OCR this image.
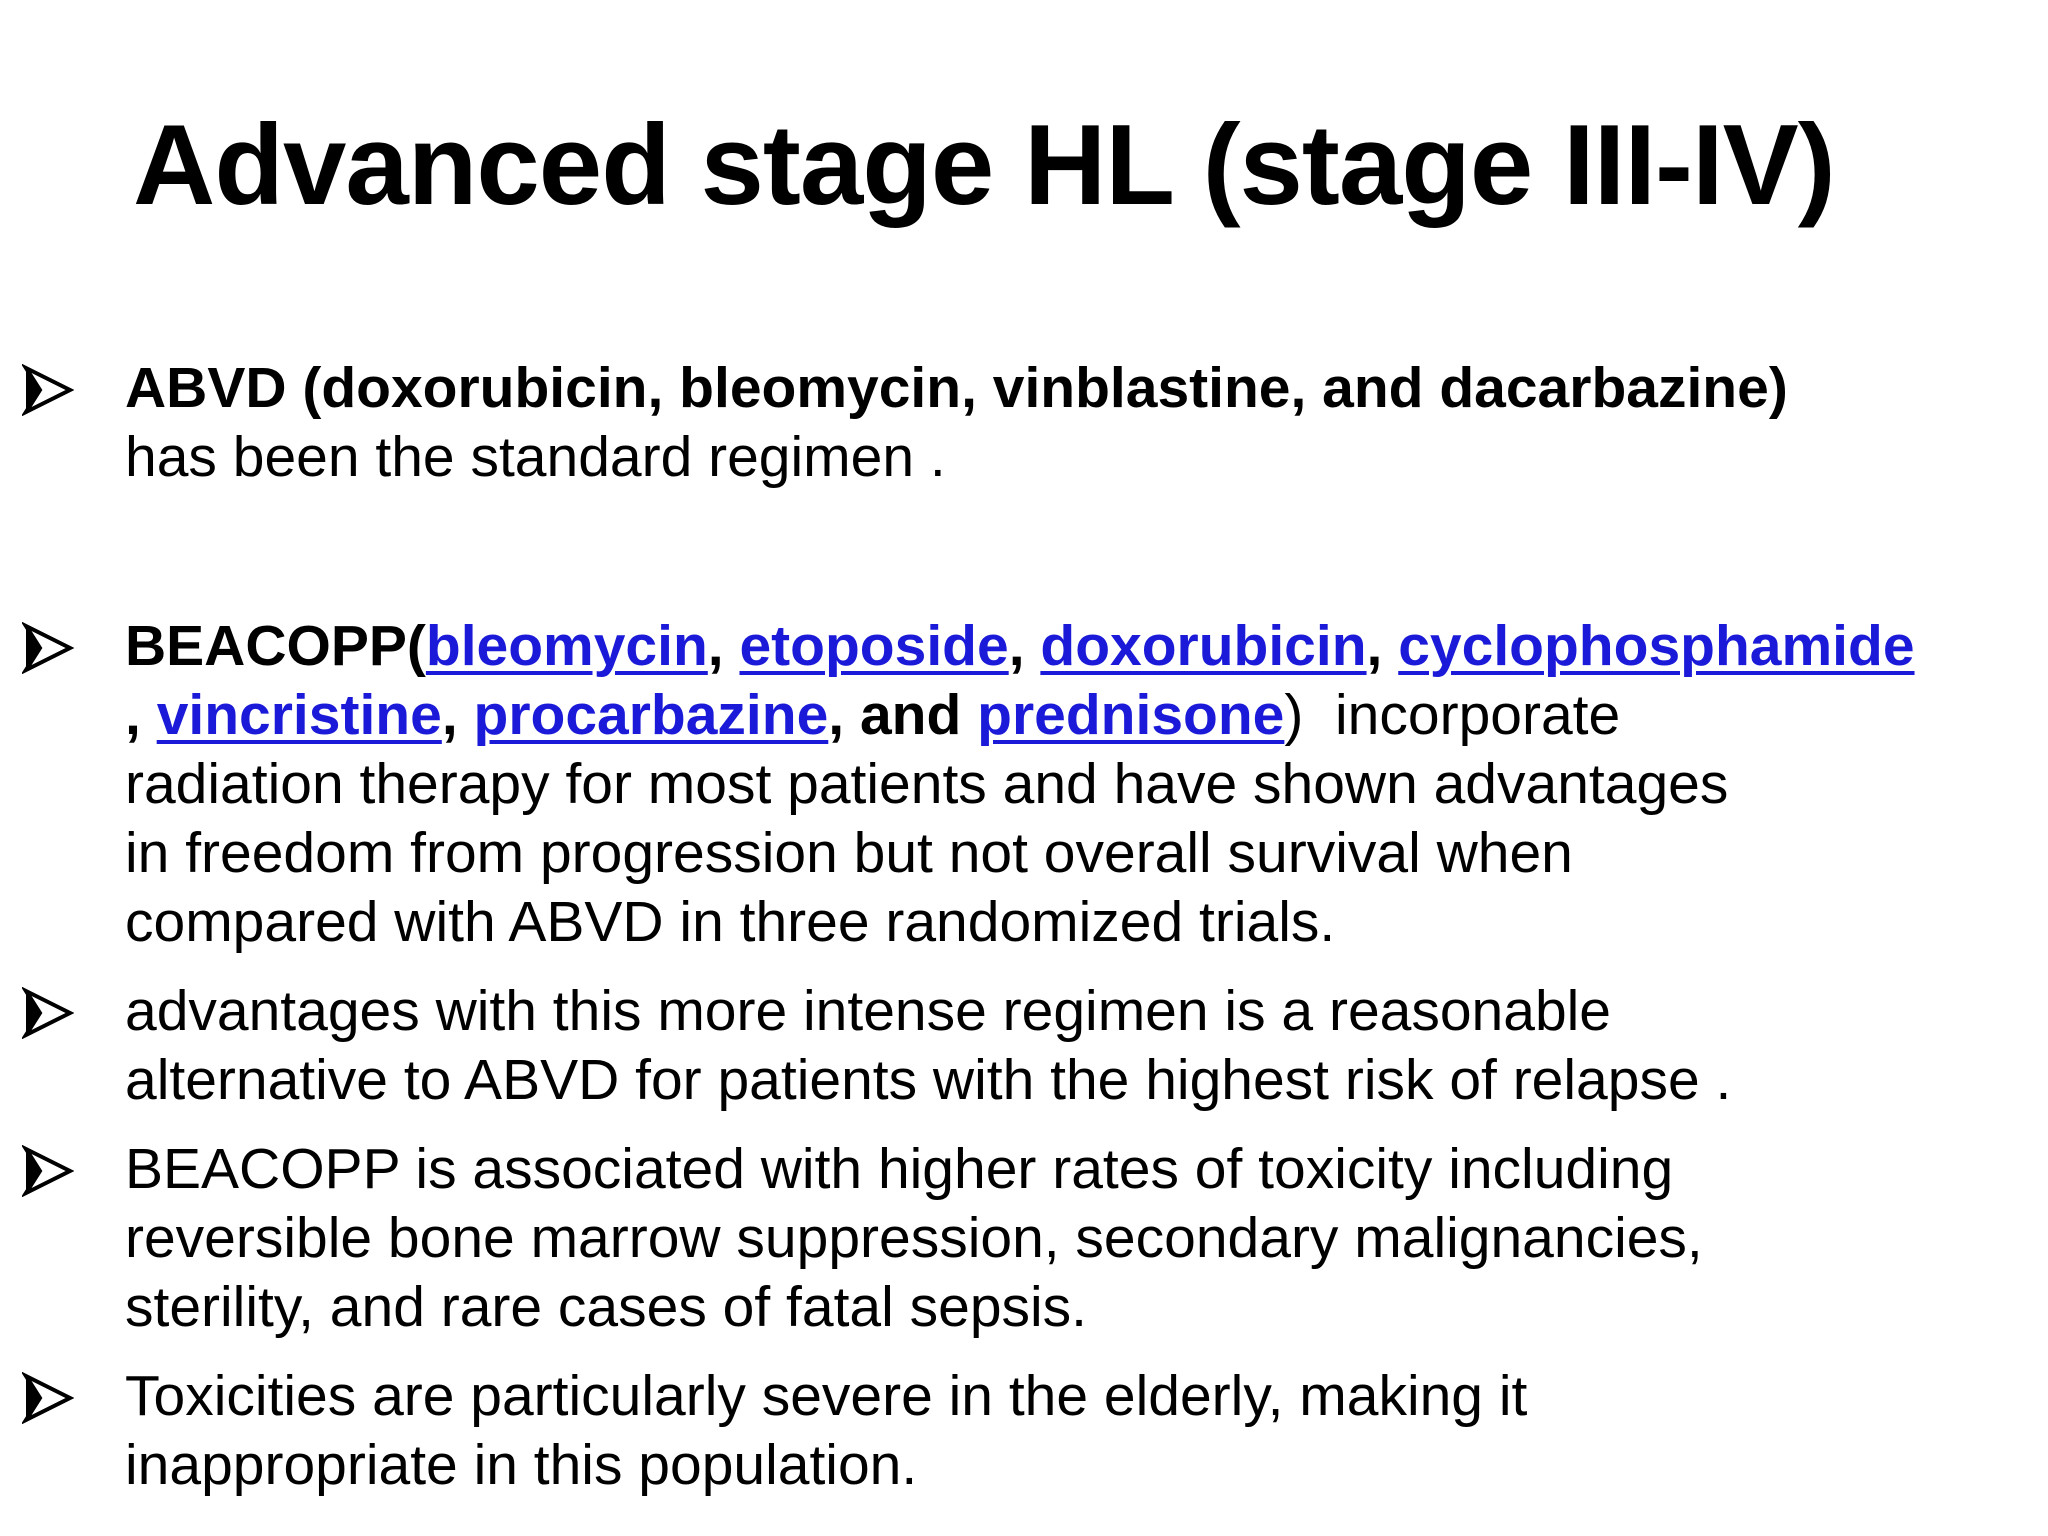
Advanced stage HL (stage III-IV)
ABVD (doxorubicin, bleomycin, vinblastine, and dacarbazine)
has been the standard regimen .
BEACOPP(bleomycin, etoposide, doxorubicin, cyclophosphamide
, vincristine, procarbazine, and prednisone)  incorporate
radiation therapy for most patients and have shown advantages
in freedom from progression but not overall survival when
compared with ABVD in three randomized trials.
advantages with this more intense regimen is a reasonable
alternative to ABVD for patients with the highest risk of relapse .
BEACOPP is associated with higher rates of toxicity including
reversible bone marrow suppression, secondary malignancies,
sterility, and rare cases of fatal sepsis.
Toxicities are particularly severe in the elderly, making it
inappropriate in this population.
